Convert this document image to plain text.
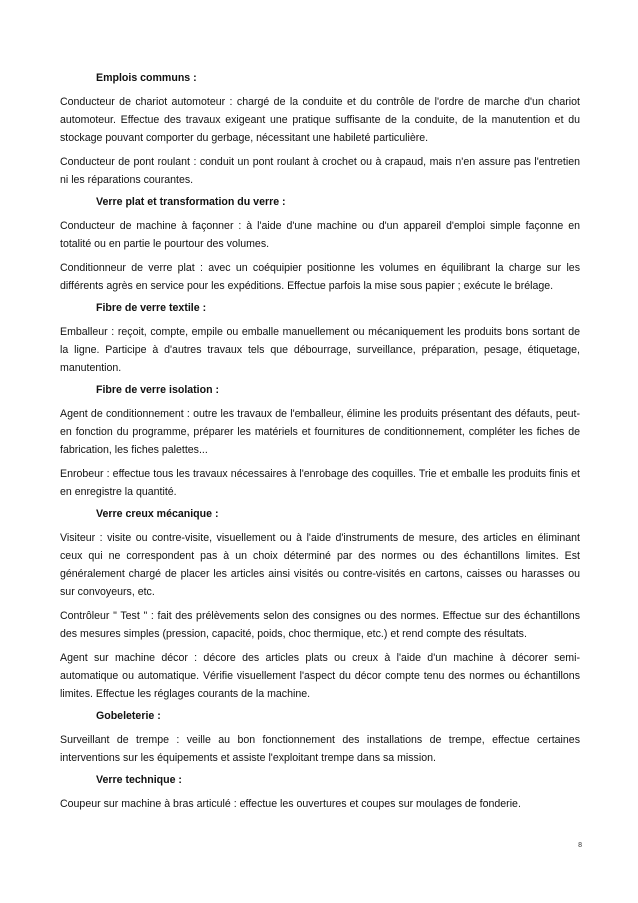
Emplois communs :

Conducteur de chariot automoteur : chargé de la conduite et du contrôle de l'ordre de marche d'un chariot automoteur. Effectue des travaux exigeant une pratique suffisante de la conduite, de la manutention et du stockage pouvant comporter du gerbage, nécessitant une habileté particulière.

Conducteur de pont roulant : conduit un pont roulant à crochet ou à crapaud, mais n'en assure pas l'entretien ni les réparations courantes.

Verre plat et transformation du verre :

Conducteur de machine à façonner : à l'aide d'une machine ou d'un appareil d'emploi simple façonne en totalité ou en partie le pourtour des volumes.

Conditionneur de verre plat : avec un coéquipier positionne les volumes en équilibrant la charge sur les différents agrès en service pour les expéditions. Effectue parfois la mise sous papier ; exécute le brélage.

Fibre de verre textile :

Emballeur : reçoit, compte, empile ou emballe manuellement ou mécaniquement les produits bons sortant de la ligne. Participe à d'autres travaux tels que débourrage, surveillance, préparation, pesage, étiquetage, manutention.

Fibre de verre isolation :

Agent de conditionnement : outre les travaux de l'emballeur, élimine les produits présentant des défauts, peut-en fonction du programme, préparer les matériels et fournitures de conditionnement, compléter les fiches de fabrication, les fiches palettes...

Enrobeur : effectue tous les travaux nécessaires à l'enrobage des coquilles. Trie et emballe les produits finis et en enregistre la quantité.

Verre creux mécanique :

Visiteur : visite ou contre-visite, visuellement ou à l'aide d'instruments de mesure, des articles en éliminant ceux qui ne correspondent pas à un choix déterminé par des normes ou des échantillons limites. Est généralement chargé de placer les articles ainsi visités ou contre-visités en cartons, caisses ou harasses ou sur convoyeurs, etc.

Contrôleur " Test " : fait des prélèvements selon des consignes ou des normes. Effectue sur des échantillons des mesures simples (pression, capacité, poids, choc thermique, etc.) et rend compte des résultats.

Agent sur machine décor : décore des articles plats ou creux à l'aide d'un machine à décorer semi-automatique ou automatique. Vérifie visuellement l'aspect du décor compte tenu des normes ou échantillons limites. Effectue les réglages courants de la machine.

Gobeleterie :

Surveillant de trempe : veille au bon fonctionnement des installations de trempe, effectue certaines interventions sur les équipements et assiste l'exploitant trempe dans sa mission.

Verre technique :

Coupeur sur machine à bras articulé : effectue les ouvertures et coupes sur moulages de fonderie.

8
